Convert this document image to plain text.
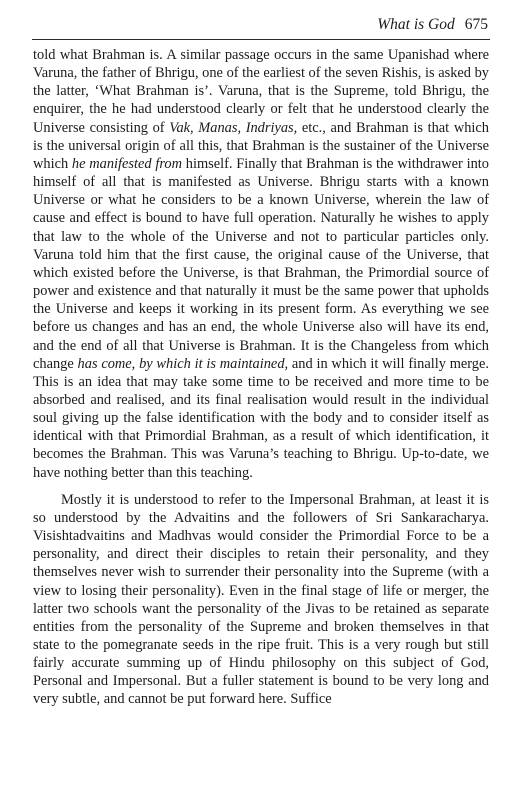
What is God 675

told what Brahman is. A similar passage occurs in the same Upanishad where Varuna, the father of Bhrigu, one of the earliest of the seven Rishis, is asked by the latter, ‘What Brahman is’. Varuna, that is the Supreme, told Bhrigu, the enquirer, the he had understood clearly or felt that he understood clearly the Universe consisting of Vak, Manas, Indriyas, etc., and Brahman is that which is the universal origin of all this, that Brahman is the sustainer of the Universe which he manifested from himself. Finally that Brahman is the withdrawer into himself of all that is manifested as Universe. Bhrigu starts with a known Universe or what he considers to be a known Universe, wherein the law of cause and effect is bound to have full operation. Naturally he wishes to apply that law to the whole of the Universe and not to particular particles only. Varuna told him that the first cause, the original cause of the Universe, that which existed before the Universe, is that Brahman, the Primordial source of power and existence and that naturally it must be the same power that upholds the Universe and keeps it working in its present form. As everything we see before us changes and has an end, the whole Universe also will have its end, and the end of all that Universe is Brahman. It is the Changeless from which change has come, by which it is maintained, and in which it will finally merge. This is an idea that may take some time to be received and more time to be absorbed and realised, and its final realisation would result in the individual soul giving up the false identification with the body and to consider itself as identical with that Primordial Brahman, as a result of which identification, it becomes the Brahman. This was Varuna’s teaching to Bhrigu. Up-to-date, we have nothing better than this teaching.

Mostly it is understood to refer to the Impersonal Brahman, at least it is so understood by the Advaitins and the followers of Sri Sankaracharya. Visishtadvaitins and Madhvas would consider the Primordial Force to be a personality, and direct their disciples to retain their personality, and they themselves never wish to surrender their personality into the Supreme (with a view to losing their personality). Even in the final stage of life or merger, the latter two schools want the personality of the Jivas to be retained as separate entities from the personality of the Supreme and broken themselves in that state to the pomegranate seeds in the ripe fruit. This is a very rough but still fairly accurate summing up of Hindu philosophy on this subject of God, Personal and Impersonal. But a fuller statement is bound to be very long and very subtle, and cannot be put forward here. Suffice
